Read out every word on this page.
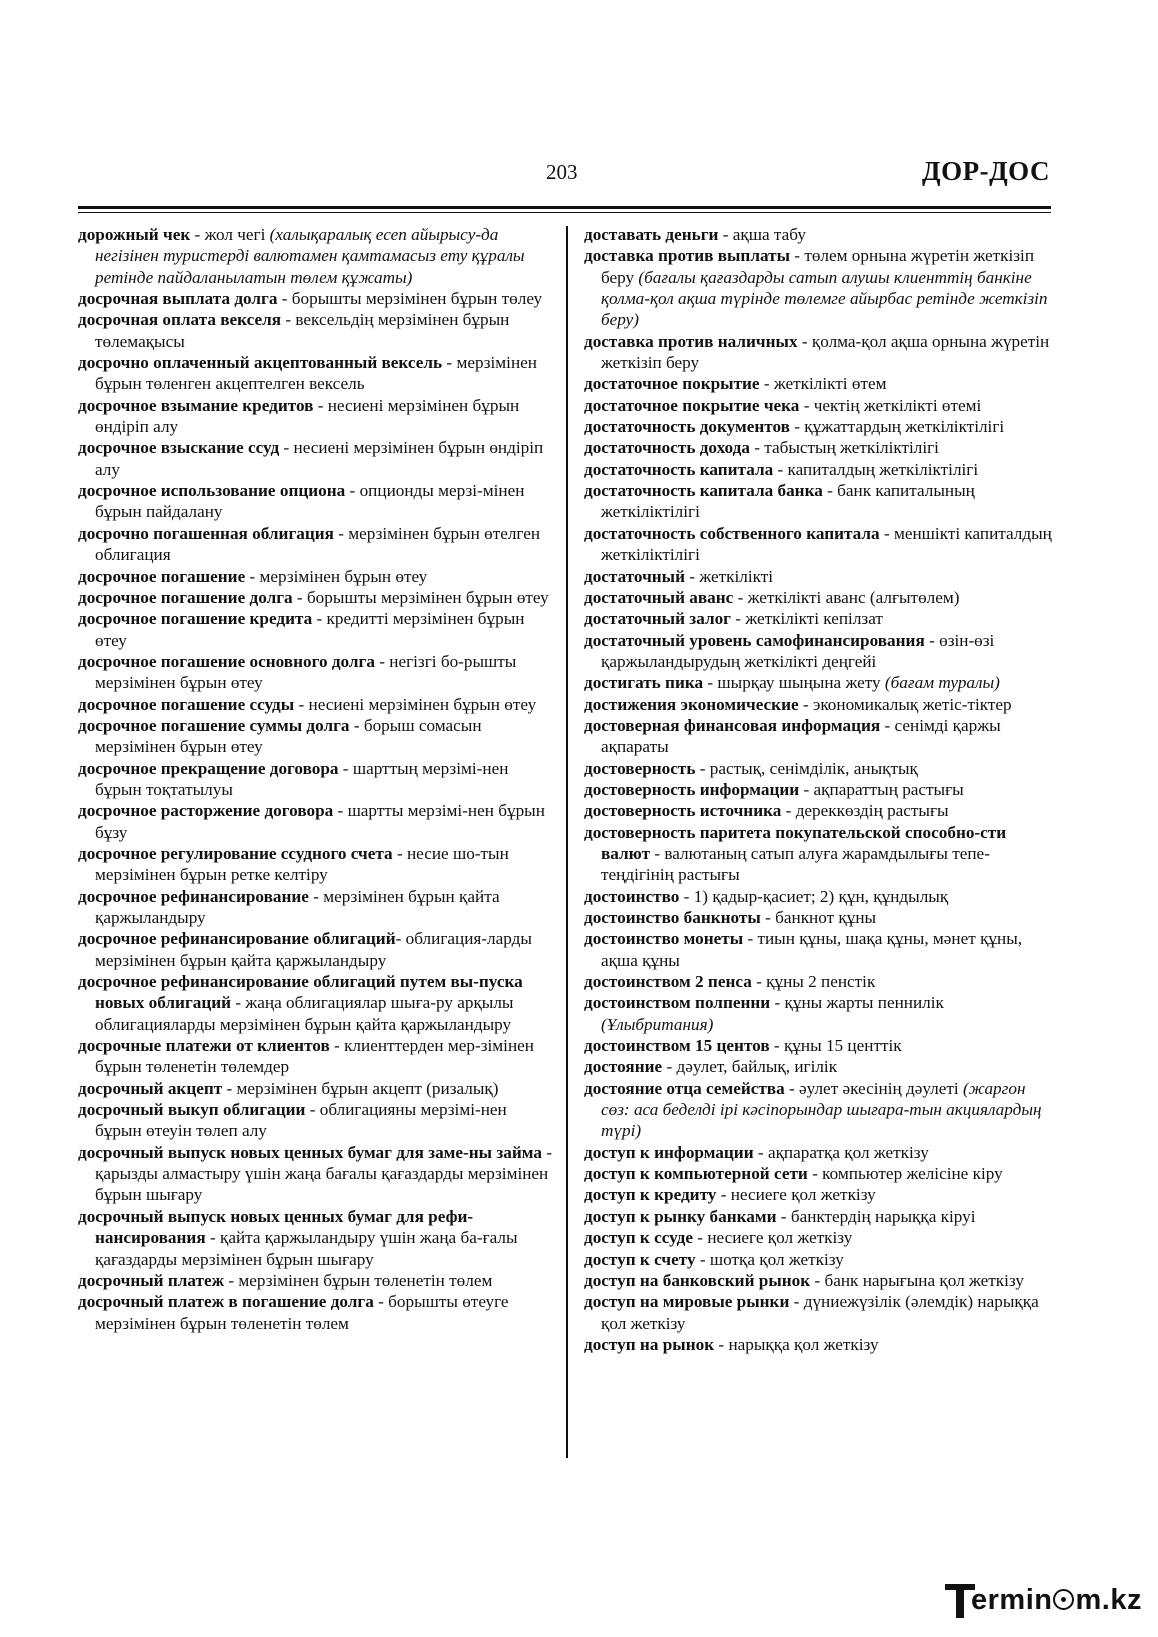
203	ДОР-ДОС

дорожный чек - жол чегі (халықаралық есеп айырысу-да негізінен туристерді валютамен қамтамасыз ету құралы ретінде пайдаланылатын төлем құжаты)

досрочная выплата долга - борышты мерзімінен бұрын төлеу

досрочная оплата векселя - вексельдің мерзімінен бұрын төлемақысы

досрочно оплаченный акцептованный вексель - мерзімінен бұрын төленген акцептелген вексель

досрочное взымание кредитов - несиені мерзімінен бұрын өндіріп алу

досрочное взыскание ссуд - несиені мерзімінен бұрын өндіріп алу

досрочное использование опциона - опционды мерзі-мінен бұрын пайдалану

досрочно погашенная облигация - мерзімінен бұрын өтелген облигация

досрочное погашение - мерзімінен бұрын өтеу

досрочное погашение долга - борышты мерзімінен бұрын өтеу

досрочное погашение кредита - кредитті мерзімінен бұрын өтеу

досрочное погашение основного долга - негізгі бо-рышты мерзімінен бұрын өтеу

досрочное погашение ссуды - несиені мерзімінен бұрын өтеу

досрочное погашение суммы долга - борыш сомасын мерзімінен бұрын өтеу

досрочное прекращение договора - шарттың мерзімі-нен бұрын тоқтатылуы

досрочное расторжение договора - шартты мерзімі-нен бұрын бұзу

досрочное регулирование ссудного счета - несие шо-тын мерзімінен бұрын ретке келтіру

досрочное рефинансирование - мерзімінен бұрын қайта қаржыландыру

досрочное рефинансирование облигаций- облигация-ларды мерзімінен бұрын қайта қаржыландыру

досрочное рефинансирование облигаций путем вы-пуска новых облигаций - жаңа облигациялар шыға-ру арқылы облигацияларды мерзімінен бұрын қайта қаржыландыру

досрочные платежи от клиентов - клиенттерден мер-зімінен бұрын төленетін төлемдер

досрочный акцепт - мерзімінен бұрын акцепт (ризалық)

досрочный выкуп облигации - облигацияны мерзімі-нен бұрын өтеуін төлеп алу

досрочный выпуск новых ценных бумаг для заме-ны займа - қарызды алмастыру үшін жаңа бағалы қағаздарды мерзімінен бұрын шығару

досрочный выпуск новых ценных бумаг для рефи-нансирования - қайта қаржыландыру үшін жаңа ба-ғалы қағаздарды мерзімінен бұрын шығару

досрочный платеж - мерзімінен бұрын төленетін төлем

досрочный платеж в погашение долга - борышты өтеуге мерзімінен бұрын төленетін төлем

доставать деньги - ақша табу

доставка против выплаты - төлем орнына жүретін жеткізіп беру (бағалы қағаздарды сатып алушы клиенттің банкіне қолма-қол ақша түрінде төлемге айырбас ретінде жеткізіп беру)

доставка против наличных - қолма-қол ақша орнына жүретін жеткізіп беру

достаточное покрытие - жеткілікті өтем

достаточное покрытие чека - чектің жеткілікті өтемі

достаточность документов - құжаттардың жеткіліктілігі

достаточность дохода - табыстың жеткіліктілігі

достаточность капитала - капиталдың жеткіліктілігі

достаточность капитала банка - банк капиталының жеткіліктілігі

достаточность собственного капитала - меншікті капиталдың жеткіліктілігі

достаточный - жеткілікті

достаточный аванс - жеткілікті аванс (алғытөлем)

достаточный залог - жеткілікті кепілзат

достаточный уровень самофинансирования - өзін-өзі қаржыландырудың жеткілікті деңгейі

достигать пика - шырқау шыңына жету (бағам туралы)

достижения экономические - экономикалық жетіс-тіктер

достоверная финансовая информация - сенімді қаржы ақпараты

достоверность - растық, сенімділік, анықтық

достоверность информации - ақпараттың растығы

достоверность источника - дереккөздің растығы

достоверность паритета покупательской способно-сти валют - валютаның сатып алуға жарамдылығы тепе-теңдігінің растығы

достоинство - 1) қадыр-қасиет; 2) құн, құндылық

достоинство банкноты - банкнот құны

достоинство монеты - тиын құны, шақа құны, мәнет құны, ақша құны

достоинством 2 пенса - құны 2 пенстік

достоинством полпенни - құны жарты пеннилік (Ұлыбритания)

достоинством 15 центов - құны 15 центтік

достояние - дәулет, байлық, игілік

достояние отца семейства - әулет әкесінің дәулеті (жаргон сөз: аса беделді ірі кәсіпорындар шығара-тын акциялардың түрі)

доступ к информации - ақпаратқа қол жеткізу

доступ к компьютерной сети - компьютер желісіне кіру

доступ к кредиту - несиеге қол жеткізу

доступ к рынку банками - банктердің нарыққа кіруі

доступ к ссуде - несиеге қол жеткізу

доступ к счету - шотқа қол жеткізу

доступ на банковский рынок - банк нарығына қол жеткізу

доступ на мировые рынки - дүниежүзілік (әлемдік) нарыққа қол жеткізу

доступ на рынок - нарыққа қол жеткізу

ermin m.kz
